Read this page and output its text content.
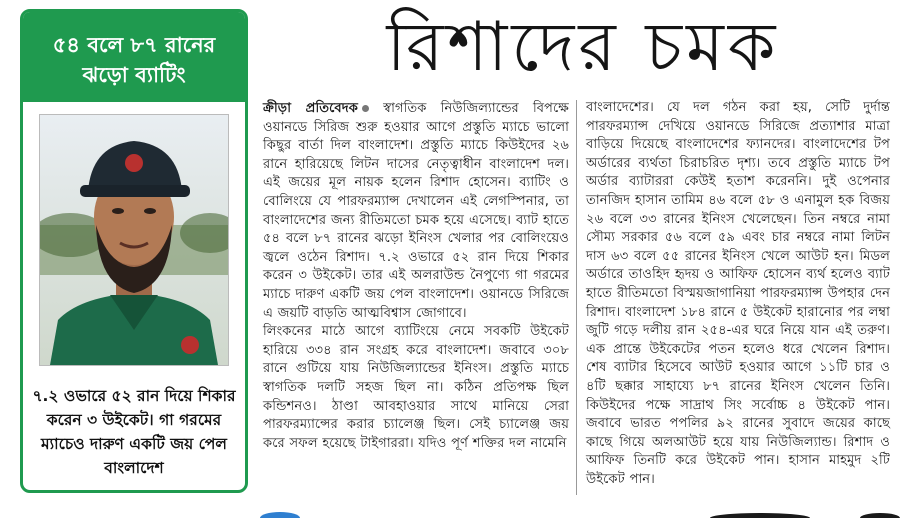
৫৪ বলে ৮৭ রানের ঝড়ো ব্যাটিং
৭.২ ওভারে ৫২ রান দিয়ে শিকার করেন ৩ উইকেট। গা গরমের ম্যাচেও দারুণ একটি জয় পেল বাংলাদেশ
রিশাদের চমক
ক্রীড়া প্রতিবেদক স্বাগতিক নিউজিল্যান্ডের বিপক্ষে ওয়ানডে সিরিজ শুরু হওয়ার আগে প্রস্তুতি ম্যাচে ভালো কিছুর বার্তা দিল বাংলাদেশ। প্রস্তুতি ম্যাচে কিউইদের ২৬ রানে হারিয়েছে লিটন দাসের নেতৃত্বাধীন বাংলাদেশ দল। এই জয়ের মূল নায়ক হলেন রিশাদ হোসেন। ব্যাটিং ও বোলিংয়ে যে পারফরম্যান্স দেখালেন এই লেগস্পিনার, তা বাংলাদেশের জন্য রীতিমতো চমক হয়ে এসেছে। ব্যাট হাতে ৫৪ বলে ৮৭ রানের ঝড়ো ইনিংস খেলার পর বোলিংয়েও জ্বলে ওঠেন রিশাদ। ৭.২ ওভারে ৫২ রান দিয়ে শিকার করেন ৩ উইকেট। তার এই অলরাউন্ড নৈপুণ্যে গা গরমের ম্যাচে দারুণ একটি জয় পেল বাংলাদেশ। ওয়ানডে সিরিজে এ জয়টি বাড়তি আত্মবিশ্বাস জোগাবে।
লিংকনের মাঠে আগে ব্যাটিংয়ে নেমে সবকটি উইকেট হারিয়ে ৩৩৪ রান সংগ্রহ করে বাংলাদেশ। জবাবে ৩০৮ রানে গুটিয়ে যায় নিউজিল্যান্ডের ইনিংস। প্রস্তুতি ম্যাচে স্বাগতিক দলটি সহজ ছিল না। কঠিন প্রতিপক্ষ ছিল কন্ডিশনও। ঠাণ্ডা আবহাওয়ার সাথে মানিয়ে সেরা পারফরম্যান্সের করার চ্যালেঞ্জ ছিল। সেই চ্যালেঞ্জ জয় করে সফল হয়েছে টাইগাররা। যদিও পূর্ণ শক্তির দল নামেনি
বাংলাদেশের। যে দল গঠন করা হয়, সেটি দুর্দান্ত পারফরম্যান্স দেখিয়ে ওয়ানডে সিরিজে প্রত্যাশার মাত্রা বাড়িয়ে দিয়েছে বাংলাদেশের ফ্যানদের। বাংলাদেশের টপ অর্ডারের ব্যর্থতা চিরাচরিত দৃশ্য। তবে প্রস্তুতি ম্যাচে টপ অর্ডার ব্যাটাররা কেউই হতাশ করেননি। দুই ওপেনার তানজিদ হাসান তামিম ৪৬ বলে ৫৮ ও এনামুল হক বিজয় ২৬ বলে ৩৩ রানের ইনিংস খেলেছেন। তিন নম্বরে নামা সৌম্য সরকার ৫৬ বলে ৫৯ এবং চার নম্বরে নামা লিটন দাস ৬৩ বলে ৫৫ রানের ইনিংস খেলে আউট হন। মিডল অর্ডারে তাওহিদ হৃদয় ও আফিফ হোসেন ব্যর্থ হলেও ব্যাট হাতে রীতিমতো বিস্ময়জাগানিয়া পারফরম্যান্স উপহার দেন রিশাদ। বাংলাদেশ ১৮৪ রানে ৫ উইকেট হারানোর পর লম্বা জুটি গড়ে দলীয় রান ২৫৪-এর ঘরে নিয়ে যান এই তরুণ। এক প্রান্তে উইকেটের পতন হলেও ধরে খেলেন রিশাদ। শেষ ব্যাটার হিসেবে আউট হওয়ার আগে ১১টি চার ও ৪টি ছক্কার সাহায্যে ৮৭ রানের ইনিংস খেলেন তিনি। কিউইদের পক্ষে সাদ্রাথ সিং সর্বোচ্চ ৪ উইকেট পান। জবাবে ভারত পপলির ৯২ রানের সুবাদে জয়ের কাছে কাছে গিয়ে অলআউট হয়ে যায় নিউজিল্যান্ড। রিশাদ ও আফিফ তিনটি করে উইকেট পান। হাসান মাহমুদ ২টি উইকেট পান।
